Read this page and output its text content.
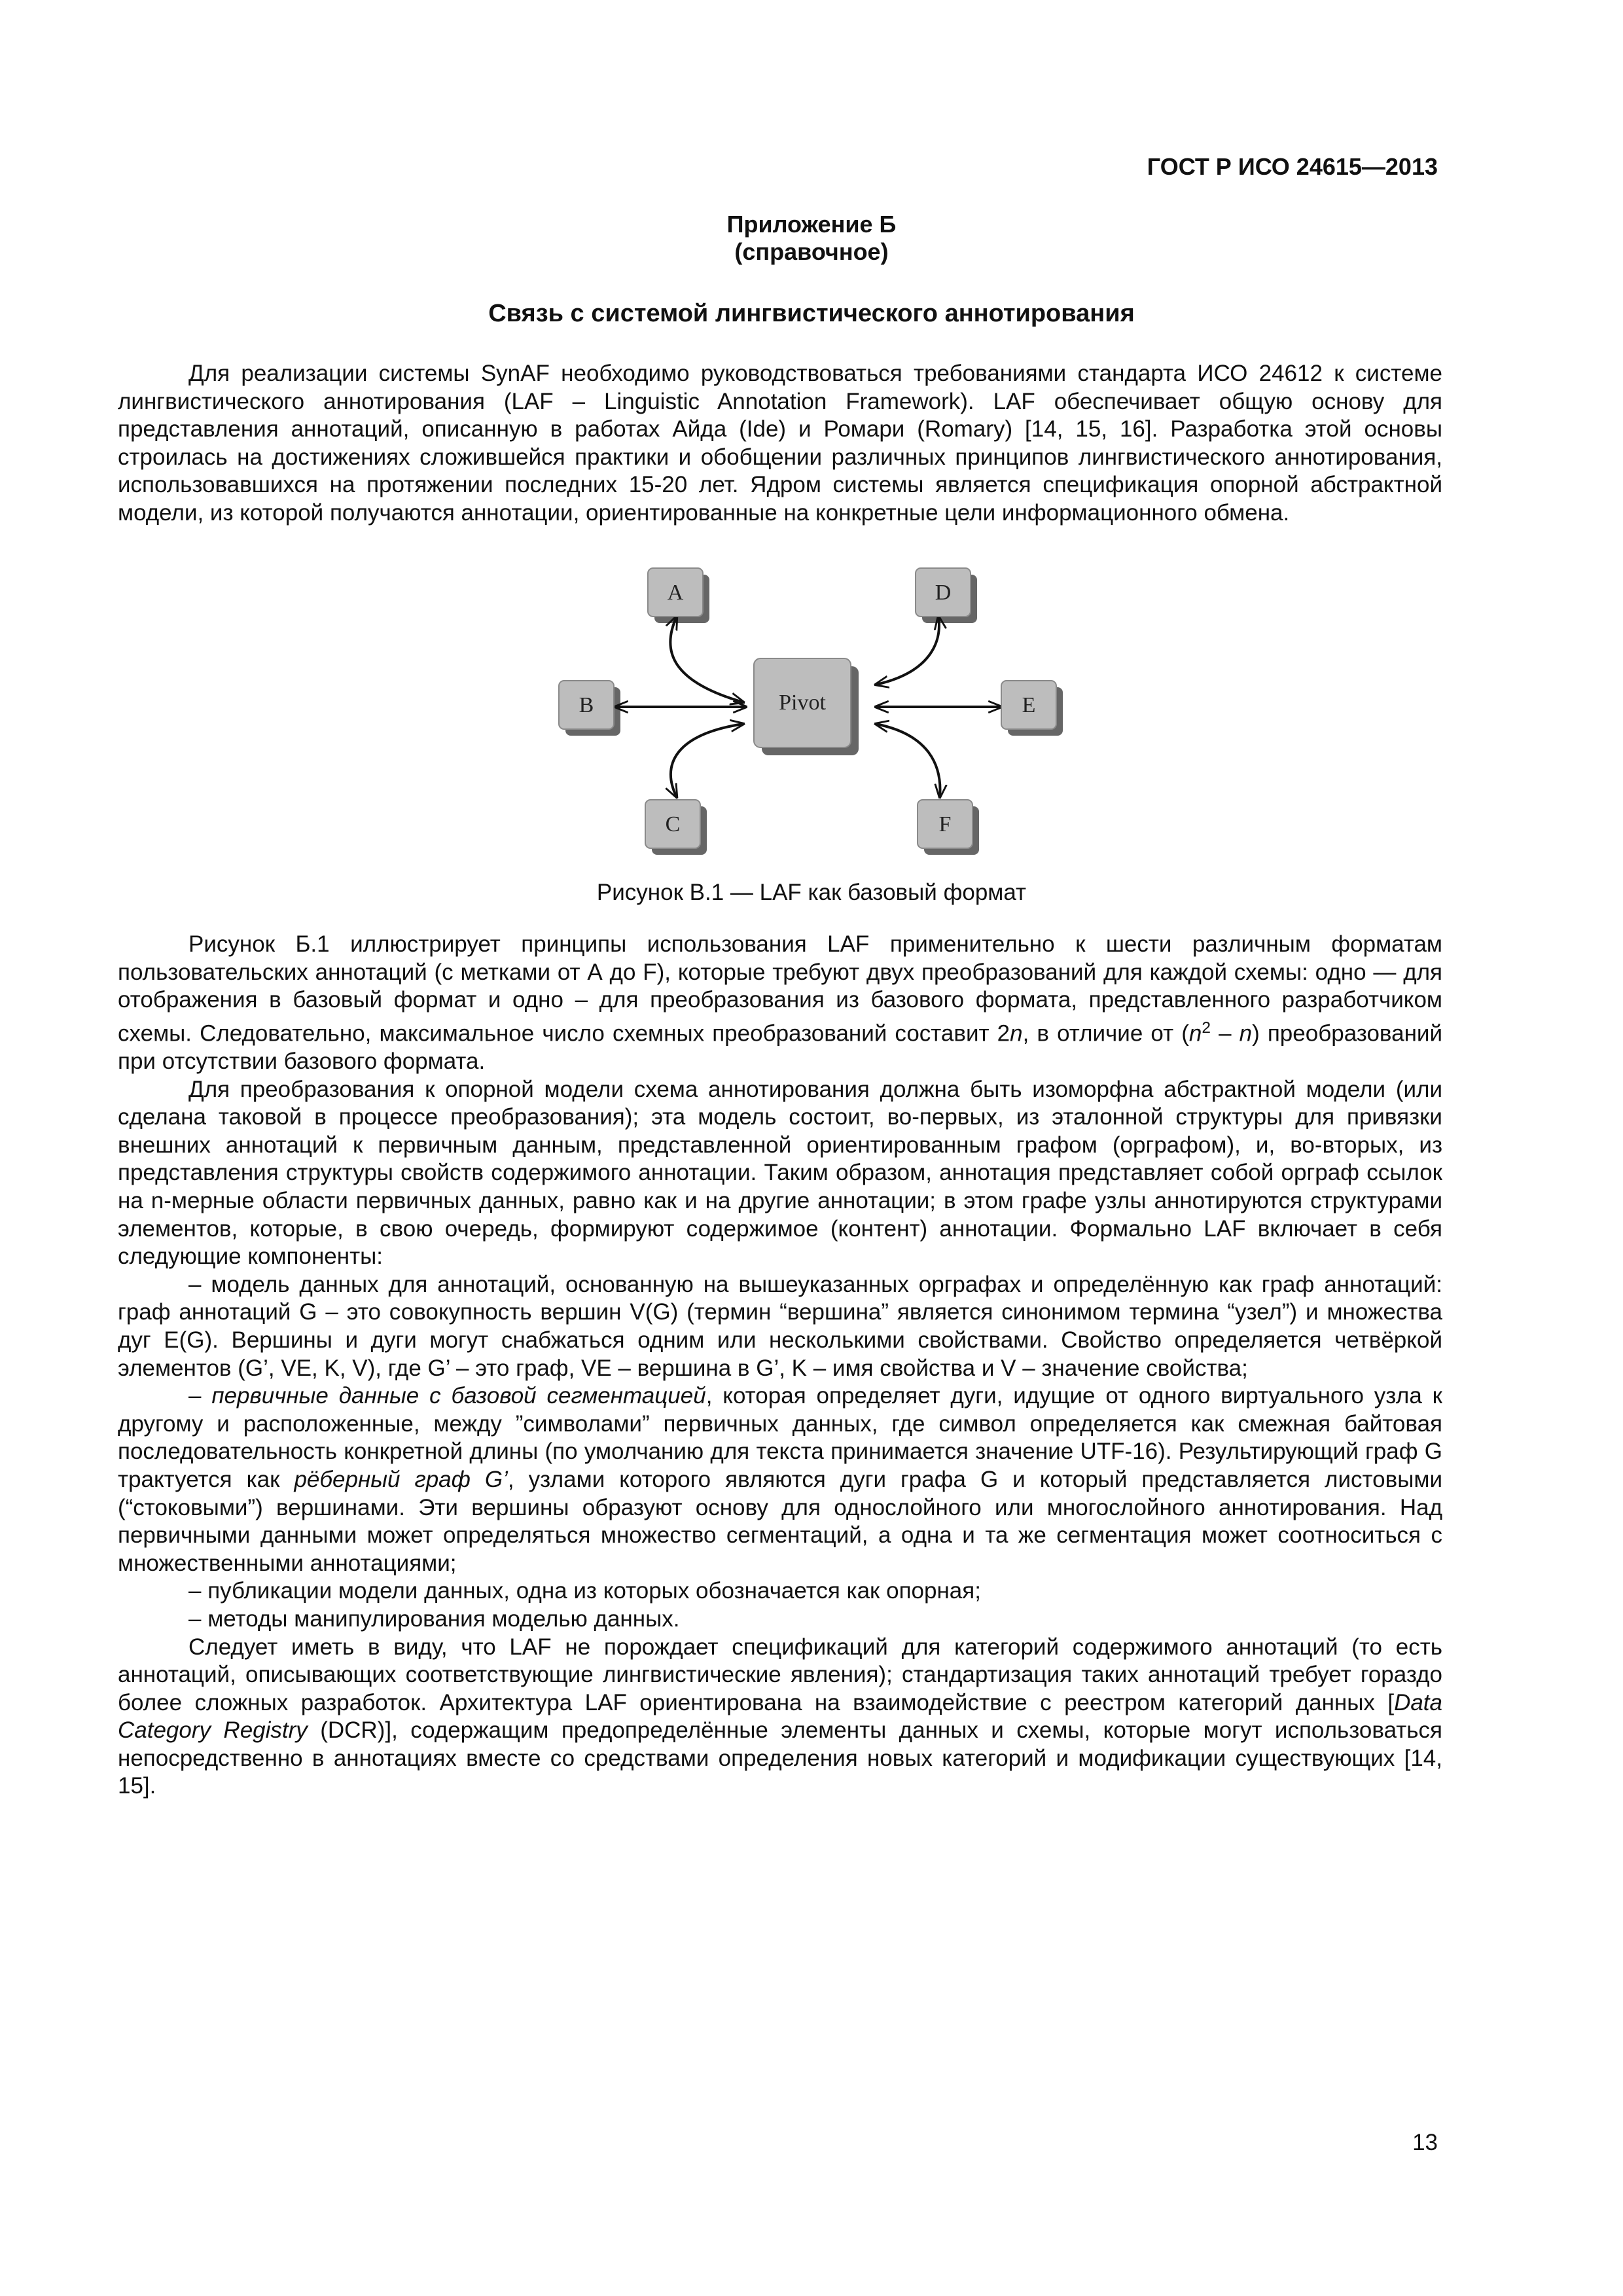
ГОСТ Р ИСО 24615—2013
Приложение Б
(справочное)
Связь с системой лингвистического аннотирования

Для реализации системы SynAF необходимо руководствоваться требованиями стандарта ИСО 24612 к системе лингвистического аннотирования (LAF – Linguistic Annotation Framework). LAF обеспечивает общую основу для представления аннотаций, описанную в работах Айда (Ide) и Ромари (Romary) [14, 15, 16]. Разработка этой основы строилась на достижениях сложившейся практики и обобщении различных принципов лингвистического аннотирования, использовавшихся на протяжении последних 15-20 лет. Ядром системы является спецификация опорной абстрактной модели, из которой получаются аннотации, ориентированные на конкретные цели информационного обмена.

A	D
B	E
C	F
Pivot
Рисунок В.1 — LAF как базовый формат

Рисунок Б.1 иллюстрирует принципы использования LAF применительно к шести различным форматам пользовательских аннотаций (с метками от А до F), которые требуют двух преобразований для каждой схемы: одно — для отображения в базовый формат и одно – для преобразования из базового формата, представленного разработчиком схемы. Следовательно, максимальное число схемных преобразований составит 2n, в отличие от $(n^2 - n)$ преобразований при отсутствии базового формата.

Для преобразования к опорной модели схема аннотирования должна быть изоморфна абстрактной модели (или сделана таковой в процессе преобразования); эта модель состоит, во-первых, из эталонной структуры для привязки внешних аннотаций к первичным данным, представленной ориентированным графом (орграфом), и, во-вторых, из представления структуры свойств содержимого аннотации. Таким образом, аннотация представляет собой орграф ссылок на n-мерные области первичных данных, равно как и на другие аннотации; в этом графе узлы аннотируются структурами элементов, которые, в свою очередь, формируют содержимое (контент) аннотации. Формально LAF включает в себя следующие компоненты:

– модель данных для аннотаций, основанную на вышеуказанных орграфах и определённую как граф аннотаций: граф аннотаций G – это совокупность вершин V(G) (термин “вершина” является синонимом термина “узел”) и множества дуг E(G). Вершины и дуги могут снабжаться одним или несколькими свойствами. Свойство определяется четвёркой элементов (G’, VE, K, V), где G’ – это граф, VE – вершина в G’, K – имя свойства и V – значение свойства;

– первичные данные с базовой сегментацией, которая определяет дуги, идущие от одного виртуального узла к другому и расположенные, между ”символами” первичных данных, где символ определяется как смежная байтовая последовательность конкретной длины (по умолчанию для текста принимается значение UTF-16). Результирующий граф G трактуется как рёберный граф G’, узлами которого являются дуги графа G и который представляется листовыми (“стоковыми”) вершинами. Эти вершины образуют основу для однослойного или многослойного аннотирования. Над первичными данными может определяться множество сегментаций, а одна и та же сегментация может соотноситься с множественными аннотациями;

– публикации модели данных, одна из которых обозначается как опорная;

– методы манипулирования моделью данных.

Следует иметь в виду, что LAF не порождает спецификаций для категорий содержимого аннотаций (то есть аннотаций, описывающих соответствующие лингвистические явления); стандартизация таких аннотаций требует гораздо более сложных разработок. Архитектура LAF ориентирована на взаимодействие с реестром категорий данных [Data Category Registry (DCR)], содержащим предопределённые элементы данных и схемы, которые могут использоваться непосредственно в аннотациях вместе со средствами определения новых категорий и модификации существующих [14, 15].

13
